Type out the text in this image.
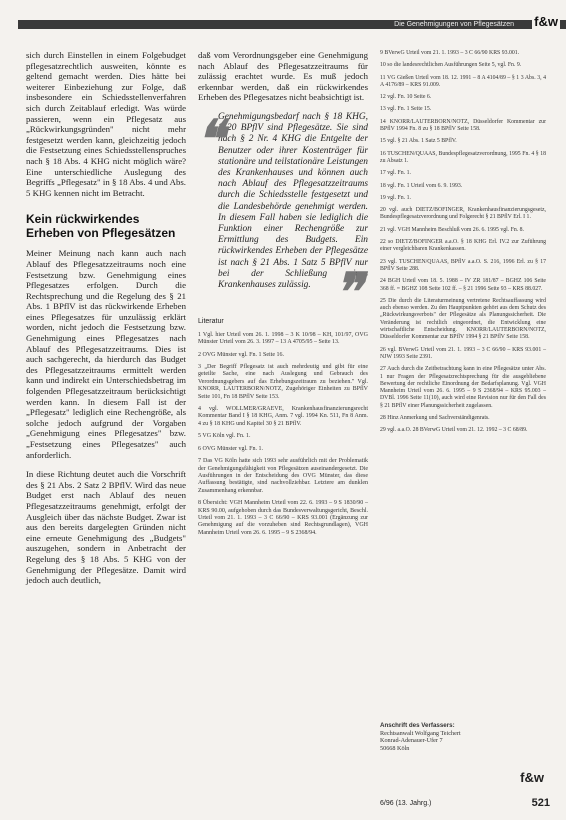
Die Genehmigungen von Pflegesätzen f&w

sich durch Einstellen in einem Folgebudget pflegesatzrechtlich ausweiten, könnte es geltend gemacht werden. Dies hätte bei weiterer Einbeziehung zur Folge, daß insbesondere ein Schiedsstellenverfahren sich durch Zeitablauf erledigt. Was würde passieren, wenn ein Pflegesatz aus „Rückwirkungsgründen" nicht mehr festgesetzt werden kann, gleichzeitig jedoch die Festsetzung eines Schiedsstellenspruches nach § 18 Abs. 4 KHG nicht möglich wäre? Eine unterschiedliche Auslegung des Begriffs „Pflegesatz" in § 18 Abs. 4 und Abs. 5 KHG kennen nicht im Betracht.

Kein rückwirkendes Erheben von Pflegesätzen

Meiner Meinung nach kann auch nach Ablauf des Pflegesatzzeitraums noch eine Festsetzung bzw. Genehmigung eines Pflegesatzes erfolgen. Durch die Rechtsprechung und die Regelung des § 21 Abs. 1 BPflV ist das rückwirkende Erheben eines Pflegesatzes für unzulässig erklärt worden, nicht jedoch die Festsetzung bzw. Genehmigung eines Pflegesatzes nach Ablauf des Pflegesatzzeitraums. Dies ist auch sachgerecht, da hierdurch das Budget des Pflegesatzzeitraums ermittelt werden kann und indirekt ein Unterschiedsbetrag im folgenden Pflegesatzzeitraum berücksichtigt werden kann. In diesem Fall ist der „Pflegesatz" lediglich eine Rechengröße, als solche jedoch aufgrund der Vorgaben „Genehmigung eines Pflegesatzes" bzw. „Festsetzung eines Pflegesatzes" auch anforderlich.

In diese Richtung deutet auch die Vorschrift des § 21 Abs. 2 Satz 2 BPflV. Wird das neue Budget erst nach Ablauf des neuen Pflegesatzzeitraums genehmigt, erfolgt der Ausgleich über das nächste Budget. Zwar ist aus den bereits dargelegten Gründen nicht eine erneute Genehmigung des „Budgets" auszugehen, sondern in Anbetracht der Regelung des § 18 Abs. 5 KHG von der Genehmigung der Pflegesätze. Damit wird jedoch auch deutlich,

daß vom Verordnungsgeber eine Genehmigung nach Ablauf des Pflegesatzzeitraums für zulässig erachtet wurde. Es muß jedoch erkennbar werden, daß ein rückwirkendes Erheben des Pflegesatzes nicht beabsichtigt ist.

❝
Genehmigungsbedarf nach § 18 KHG, § 20 BPflV sind Pflegesätze. Sie sind nach § 2 Nr. 4 KHG die Entgelte der Benutzer oder ihrer Kostenträger für stationäre und teilstationäre Leistungen des Krankenhauses und können auch nach Ablauf des Pflegesatzzeitraums durch die Schiedsstelle festgesetzt und die Landesbehörde genehmigt werden. In diesem Fall haben sie lediglich die Funktion einer Rechengröße zur Ermittlung des Budgets. Ein rückwirkendes Erheben der Pflegesätze ist nach § 21 Abs. 1 Satz 5 BPflV nur bei der Schließung eines Krankenhauses zulässig. ❞
Literatur
1 Vgl. hier Urteil vom 26. 1. 1998 – 3 K 10/98 – KH, 101/97, OVG Münster Urteil vom 26. 3. 1997 – 13 A 4705/95 – Seite 13.
2 OVG Münster vgl. Fn. 1 Seite 16.
3 „Der Begriff Pflegesatz ist auch mehrdeutig und gibt für eine geteilte Sache, eine nach Auslegung und Gebrauch des Verordnungsgebers auf das Erhebungszeitraum zu beziehen." Vgl. KNORR, LAUTERBORN/NOTZ, Zugehöriger Einheiten zu BPflV Seite 101, Fn 18 BPflV Seite 153.
4 vgl. WOLLMER/GRAEVE, Krankenhausfinanzierungsrecht Kommentar Band I § 18 KHG, Anm. 7 vgl. 1994 Kn. 511, Fn 8 Anm. 4 zu § 18 KHG und Kapitel 30 § 21 BPflV.
5 VG Köln vgl. Fn. 1.
6 OVG Münster vgl. Fn. 1.
7 Das VG Köln hatte sich 1993 sehr ausführlich mit der Problematik der Genehmigungsfähigkeit von Pflegesätzen auseinandergesetzt. Die Ausführungen in der Entscheidung des OVG Münster, das diese Auffassung bestätigte, sind nachvollziehbar. Letztere am dunklen Zusammenhang erkennbar.
8 Übersicht: VGH Mannheim Urteil vom 22. 6. 1993 – 9 S 1830/90 – KRS 90.00, aufgehoben durch das Bundesverwaltungsgericht, Beschl. Urteil vom 21. 1. 1993 – 3 C 66/90 – KRS 93.001 (Ergänzung zur Genehmigung auf die vorzuheben sind Rechtsgrundlagen), VGH Mannheim Urteil vom 26. 6. 1995 – 9 S 2368/94.
9 BVerwG Urteil vom 21. 1. 1993 – 3 C 66/90 KRS 93.001.
10 so die landesrechtlichen Ausführungen Seite 5, vgl. Fn. 9.
11 VG Gießen Urteil vom 18. 12. 1991 – 8 A 4104/89 – § 1 3 Abs. 3, 4 A 4176/89 – KRS 91.009.
12 vgl. Fn. 10 Seite 6.
13 vgl. Fn. 1 Seite 15.
14 KNORR/LAUTERBORN/NOTZ, Düsseldorfer Kommentar zur BPflV 1994 Fn. 8 zu § 18 BPflV Seite 158.
15 vgl. § 21 Abs. 1 Satz 5 BPflV.
16 TUSCHEN/QUAAS, Bundespflegesatzverordnung, 1995 Fn. 4 § 18 zu Absatz 1.
17 vgl. Fn. 1.
18 vgl. Fn. 1 Urteil vom 6. 9. 1993.
19 vgl. Fn. 1.
20 vgl. auch DIETZ/BOFINGER, Krankenhausfinanzierungsgesetz, Bundespflegesatzverordnung und Folgerecht § 21 BPflV Erl. I 1.
21 vgl. VGH Mannheim Beschluß vom 26. 6. 1995 vgl. Fn. 8.
22 so DIETZ/BOFINGER a.a.O. § 18 KHG Erl. IV.2 zur Zuführung einer vergleichbaren Krankenkassen.
23 vgl. TUSCHEN/QUAAS, BPflV a.a.O. S. 216, 1996 Erl. zu § 17 BPflV Seite 288.
24 BGH Urteil vom 18. 5. 1988 – IV ZR 181/87 – BGHZ 106 Seite 368 ff. = BGHZ 108 Seite 102 ff. – § 21 1996 Seite 93 – KRS 88.027.
25 Die durch die Literaturmeinung vertretene Rechtsauffassung wird auch ebenso werden. Zu den Hauptpunkten gehört aus dem Schutz des „Rückwirkungsverbots" der Pflegesätze als Planungssicherheit. Die Veränderung ist rechtlich eingeordnet, die Entwicklung eine wirtschaftliche Entscheidung. KNORR/LAUTERBORN/NOTZ, Düsseldorfer Kommentar zur BPflV 1994 § 21 BPflV Seite 158.
26 vgl. BVerwG Urteil vom 21. 1. 1993 – 3 C 66/90 – KRS 93.001 – NJW 1993 Seite 2391.
27 Auch durch die Zeitbetrachtung kann in eine Pflegesätze unter Abs. 1 nur Fragen der Pflegesatzrechtsprechung für die ausgebliebene Bewertung der rechtliche Einordnung der Bedarfsplanung. Vgl. VGH Mannheim Urteil vom 26. 6. 1995 – 9 S 2368/94 – KRS 95.003 – DVBl. 1996 Seite 11(10), auch wird eine Revision nur für den Fall des § 21 BPflV einer Planungssicherheit zugelassen.
28 Hinz Anmerkung und Sachverständigenrats.
29 vgl. a.a.O. 28 BVerwG Urteil vom 21. 12. 1992 – 3 C 68/89.
Anschrift des Verfassers:
Rechtsanwalt Wolfgang Teichert
Konrad-Adenauer-Ufer 7
50668 Köln
f&w
6/96 (13. Jahrg.)	521
